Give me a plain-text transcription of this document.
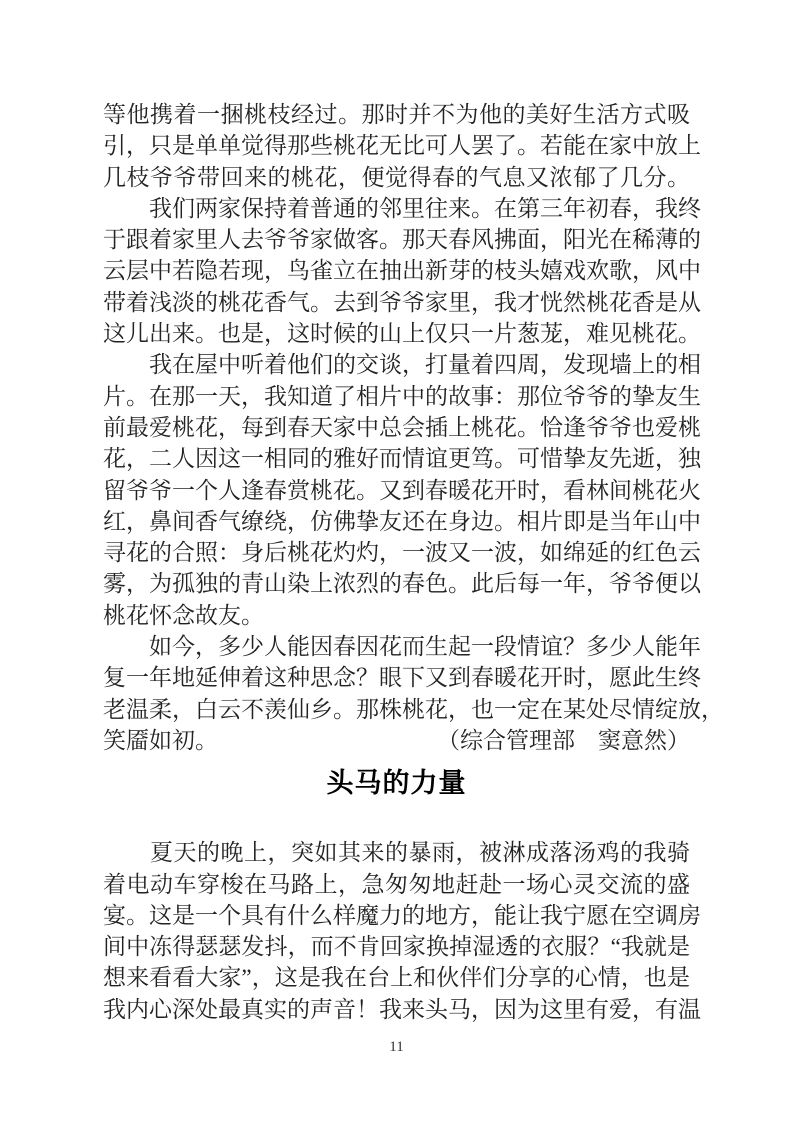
等他携着一捆桃枝经过。那时并不为他的美好生活方式吸
引，只是单单觉得那些桃花无比可人罢了。若能在家中放上
几枝爷爷带回来的桃花，便觉得春的气息又浓郁了几分。
　　我们两家保持着普通的邻里往来。在第三年初春，我终
于跟着家里人去爷爷家做客。那天春风拂面，阳光在稀薄的
云层中若隐若现，鸟雀立在抽出新芽的枝头嬉戏欢歌，风中
带着浅淡的桃花香气。去到爷爷家里，我才恍然桃花香是从
这儿出来。也是，这时候的山上仅只一片葱茏，难见桃花。
　　我在屋中听着他们的交谈，打量着四周，发现墙上的相
片。在那一天，我知道了相片中的故事：那位爷爷的挚友生
前最爱桃花，每到春天家中总会插上桃花。恰逢爷爷也爱桃
花，二人因这一相同的雅好而情谊更笃。可惜挚友先逝，独
留爷爷一个人逢春赏桃花。又到春暖花开时，看林间桃花火
红，鼻间香气缭绕，仿佛挚友还在身边。相片即是当年山中
寻花的合照：身后桃花灼灼，一波又一波，如绵延的红色云
雾，为孤独的青山染上浓烈的春色。此后每一年，爷爷便以
桃花怀念故友。
　　如今，多少人能因春因花而生起一段情谊？多少人能年
复一年地延伸着这种思念？眼下又到春暖花开时，愿此生终
老温柔，白云不羡仙乡。那株桃花，也一定在某处尽情绽放，
笑靥如初。	（综合管理部　窦意然）
头马的力量
　　夏天的晚上，突如其来的暴雨，被淋成落汤鸡的我骑
着电动车穿梭在马路上，急匆匆地赶赴一场心灵交流的盛
宴。这是一个具有什么样魔力的地方，能让我宁愿在空调房
间中冻得瑟瑟发抖，而不肯回家换掉湿透的衣服？“我就是
想来看看大家”，这是我在台上和伙伴们分享的心情，也是
我内心深处最真实的声音！我来头马，因为这里有爱，有温
11
